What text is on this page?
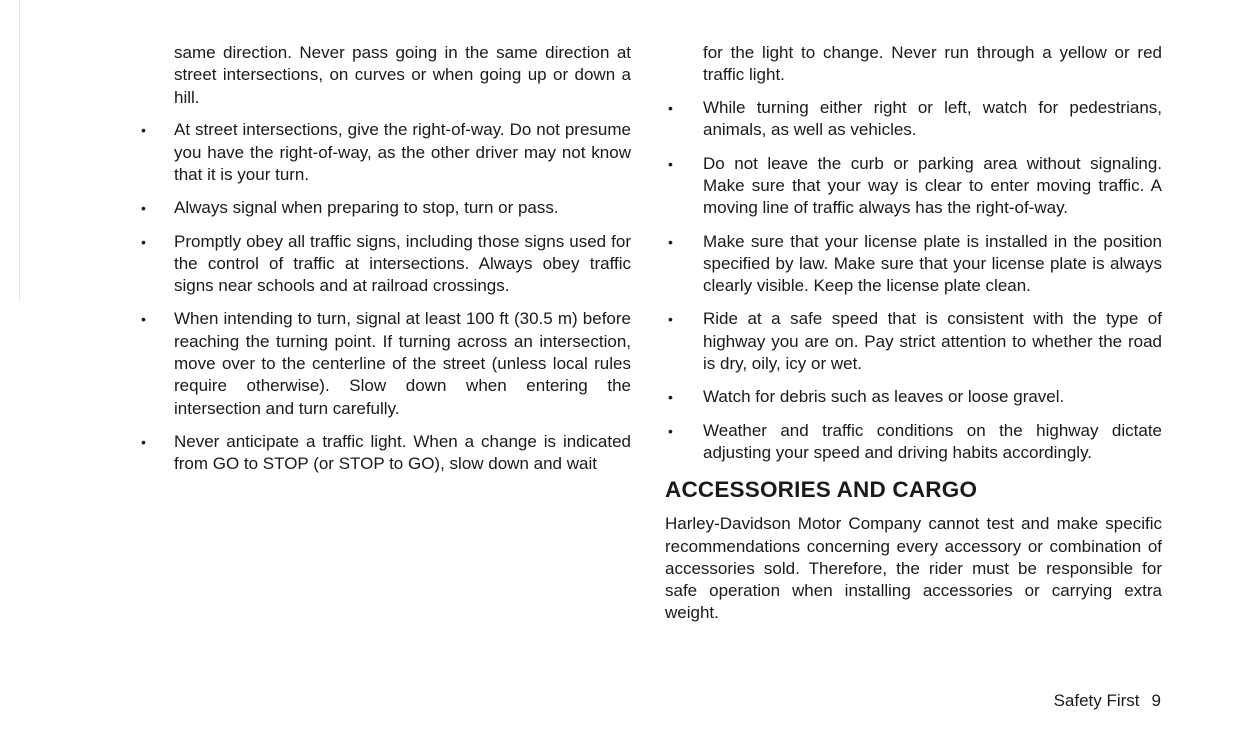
same direction. Never pass going in the same direction at street intersections, on curves or when going up or down a hill.

• At street intersections, give the right-of-way. Do not presume you have the right-of-way, as the other driver may not know that it is your turn.
• Always signal when preparing to stop, turn or pass.
• Promptly obey all traffic signs, including those signs used for the control of traffic at intersections. Always obey traffic signs near schools and at railroad crossings.
• When intending to turn, signal at least 100 ft (30.5 m) before reaching the turning point. If turning across an intersection, move over to the centerline of the street (unless local rules require otherwise). Slow down when entering the intersection and turn carefully.
• Never anticipate a traffic light. When a change is indicated from GO to STOP (or STOP to GO), slow down and wait

for the light to change. Never run through a yellow or red traffic light.

• While turning either right or left, watch for pedestrians, animals, as well as vehicles.
• Do not leave the curb or parking area without signaling. Make sure that your way is clear to enter moving traffic. A moving line of traffic always has the right-of-way.
• Make sure that your license plate is installed in the position specified by law. Make sure that your license plate is always clearly visible. Keep the license plate clean.
• Ride at a safe speed that is consistent with the type of highway you are on. Pay strict attention to whether the road is dry, oily, icy or wet.
• Watch for debris such as leaves or loose gravel.
• Weather and traffic conditions on the highway dictate adjusting your speed and driving habits accordingly.
ACCESSORIES AND CARGO

Harley-Davidson Motor Company cannot test and make specific recommendations concerning every accessory or combination of accessories sold. Therefore, the rider must be responsible for safe operation when installing accessories or carrying extra weight.

Safety First 9
